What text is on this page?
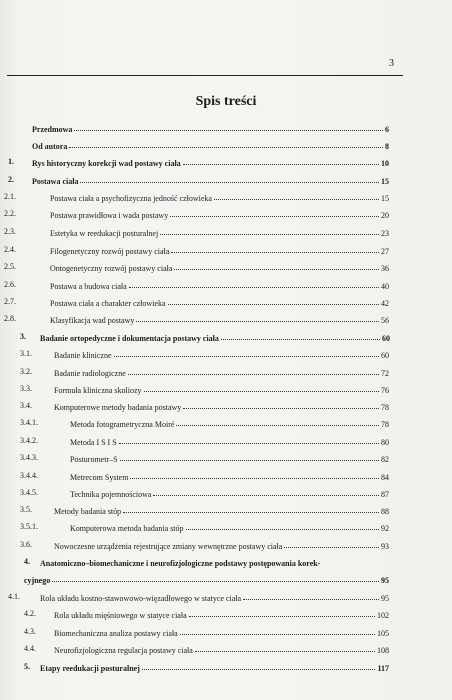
3
Spis treści
Przedmowa	6
Od autora	8
1. Rys historyczny korekcji wad postawy ciała	10
2. Postawa ciała	15
2.1.	Postawa ciała a psychofizyczna jedność człowieka	15
2.2.	Postawa prawidłowa i wada postawy	20
2.3.	Estetyka w reedukacji posturalnej	23
2.4.	Filogenetyczny rozwój postawy ciała	27
2.5.	Ontogenetyczny rozwój postawy ciała	36
2.6.	Postawa a budowa ciała	40
2.7.	Postawa ciała a charakter człowieka	42
2.8.	Klasyfikacja wad postawy	56
3. Badanie ortopedyczne i dokumentacja postawy ciała	60
3.1.	Badanie kliniczne	60
3.2.	Badanie radiologiczne	72
3.3.	Formuła kliniczna skoliozy	76
3.4.	Komputerowe metody badania postawy	78
3.4.1.	Metoda fotogrametryczna Moiré	78
3.4.2.	Metoda I S I S	80
3.4.3.	Posturometr–S	82
3.4.4.	Metrecom System	84
3.4.5.	Technika pojemnościowa	87
3.5.	Metody badania stóp	88
3.5.1.	Komputerowa metoda badania stóp	92
3.6.	Nowoczesne urządzenia rejestrujące zmiany wewnętrzne postawy ciała	93
4. Anatomiczno–biomechaniczne i neurofizjologiczne podstawy postępowania korek-
cyjnego	95
4.1.	Rola układu kostno-stawowowo-więzadłowego w statyce ciała	95
4.2. Rola układu mięśniowego w statyce ciała	102
4.3. Biomechaniczna analiza postawy ciała	105
4.4. Neurofizjologiczna regulacja postawy ciała	108
5. Etapy reedukacji posturalnej	117
